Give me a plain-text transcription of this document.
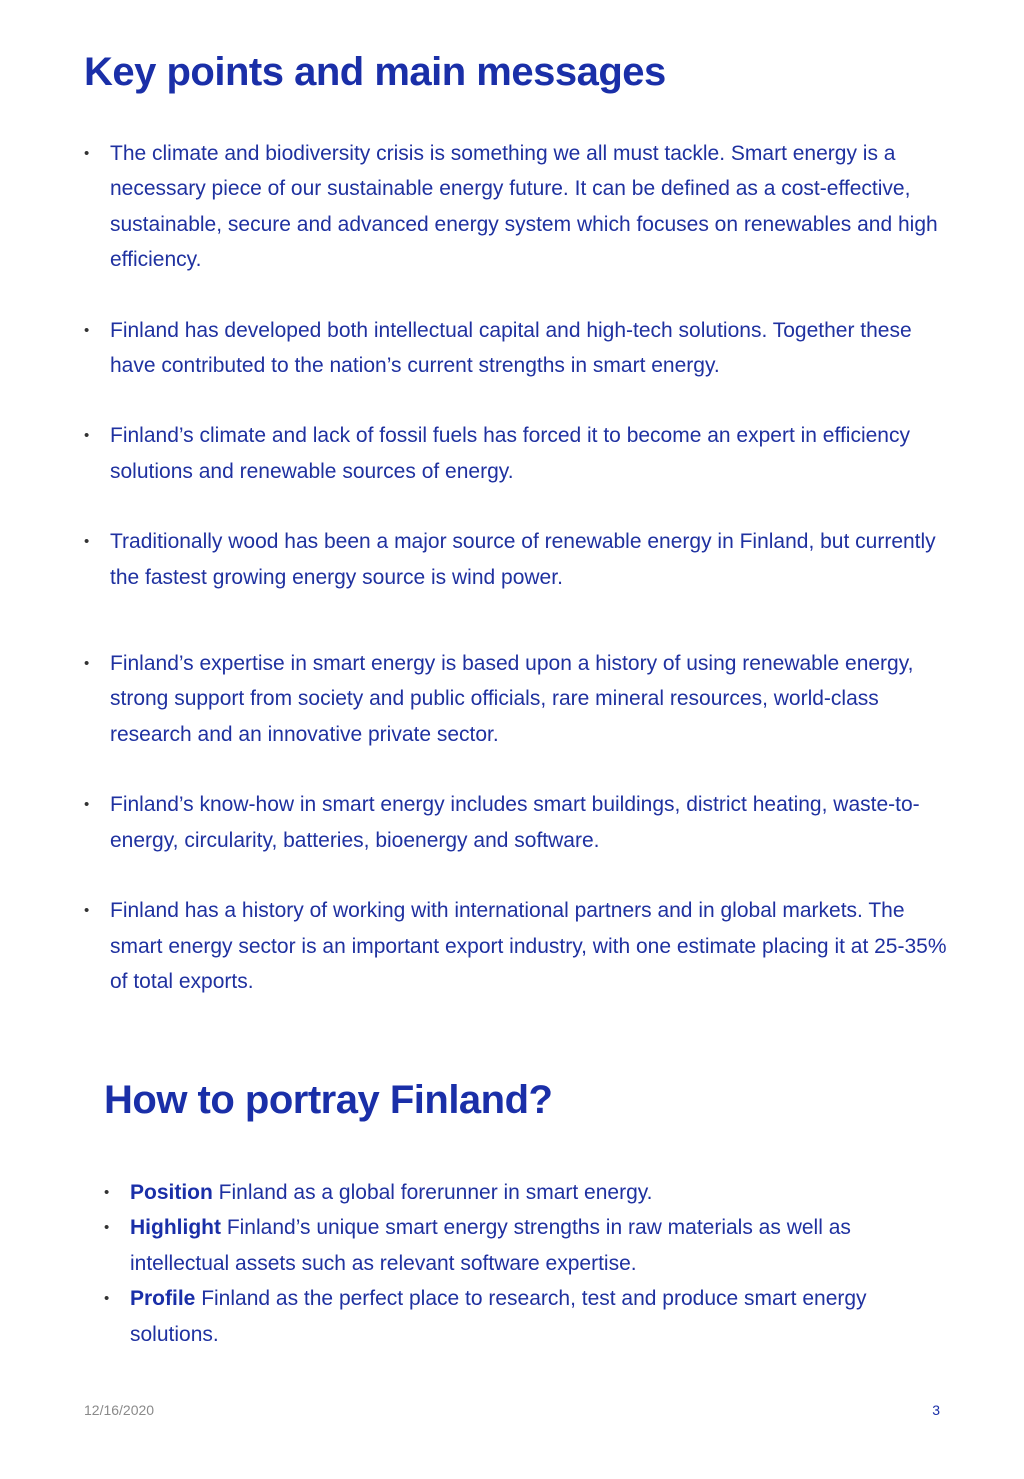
Key points and main messages
• The climate and biodiversity crisis is something we all must tackle. Smart energy is a necessary piece of our sustainable energy future. It can be defined as a cost-effective, sustainable, secure and advanced energy system which focuses on renewables and high efficiency.
• Finland has developed both intellectual capital and high-tech solutions. Together these have contributed to the nation’s current strengths in smart energy.
• Finland’s climate and lack of fossil fuels has forced it to become an expert in efficiency solutions and renewable sources of energy.
• Traditionally wood has been a major source of renewable energy in Finland, but currently the fastest growing energy source is wind power.
• Finland’s expertise in smart energy is based upon a history of using renewable energy, strong support from society and public officials, rare mineral resources, world-class research and an innovative private sector.
• Finland’s know-how in smart energy includes smart buildings, district heating, waste-to-energy, circularity, batteries, bioenergy and software.
• Finland has a history of working with international partners and in global markets. The smart energy sector is an important export industry, with one estimate placing it at 25-35% of total exports.
How to portray Finland?
• Position Finland as a global forerunner in smart energy.
• Highlight Finland’s unique smart energy strengths in raw materials as well as intellectual assets such as relevant software expertise.
• Profile Finland as the perfect place to research, test and produce smart energy solutions.
12/16/2020	3
